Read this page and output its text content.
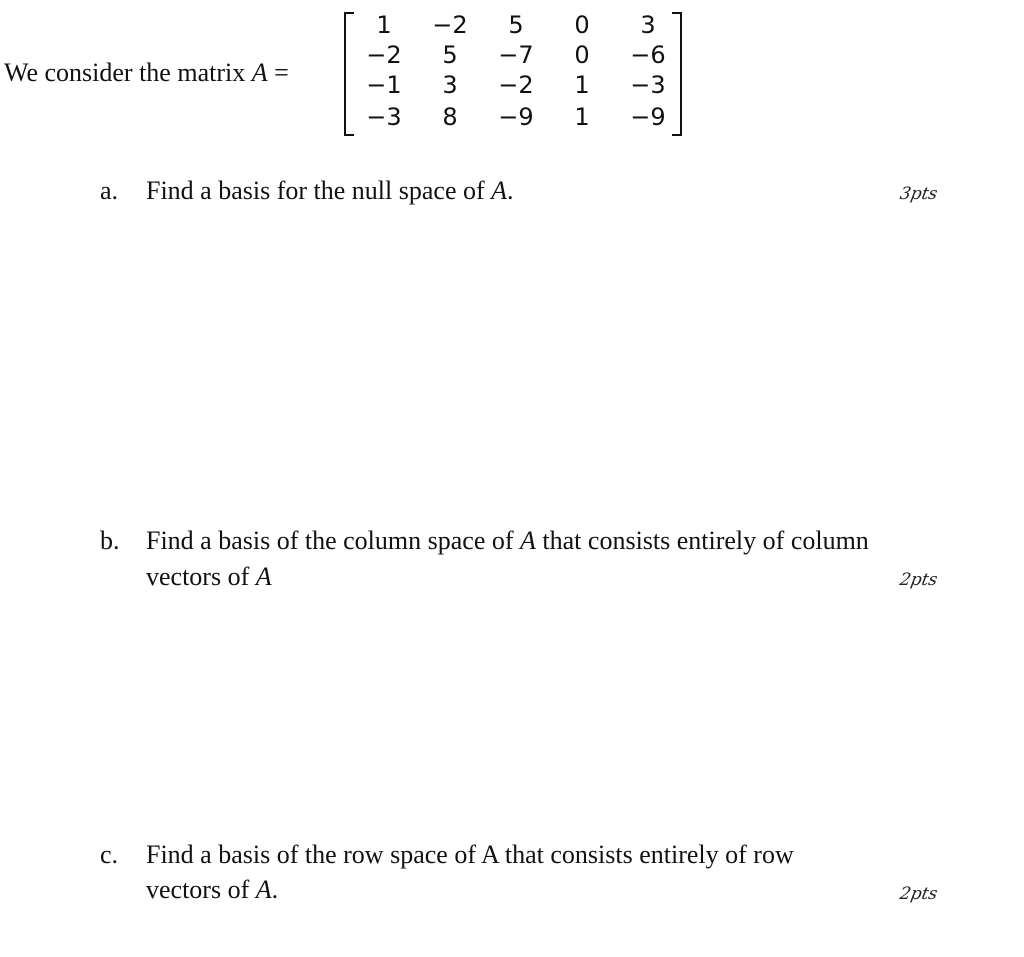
We consider the matrix A =
1	−2	5	0	3
−2	5	−7	0	−6
−1	3	−2	1	−3
−3	8	−9	1	−9
a. Find a basis for the null space of A.	3pts
b. Find a basis of the column space of A that consists entirely of column
vectors of A	2pts
c. Find a basis of the row space of A that consists entirely of row
vectors of A.	2pts
